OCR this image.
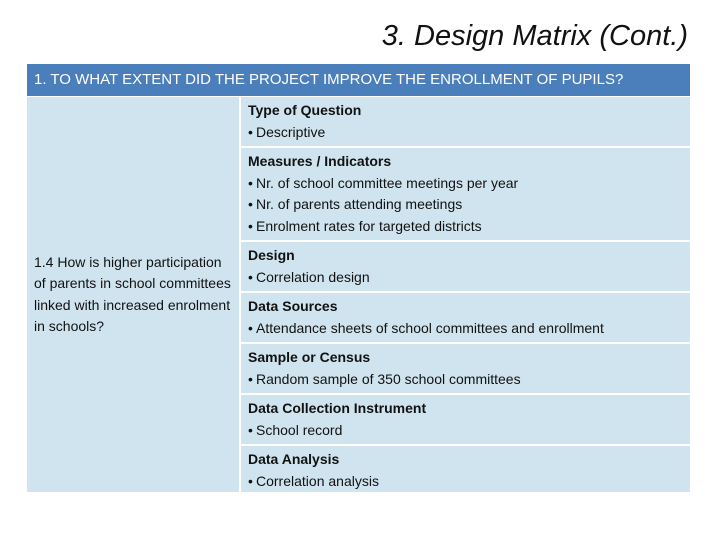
3. Design Matrix (Cont.)
1. TO WHAT EXTENT DID THE PROJECT IMPROVE THE ENROLLMENT OF PUPILS?
1.4 How is higher participation of parents in school committees linked with increased enrolment in schools?
Type of Question
• Descriptive
Measures / Indicators
• Nr. of school committee meetings per year
• Nr. of parents attending meetings
• Enrolment rates for targeted districts
Design
• Correlation design
Data Sources
• Attendance sheets of school committees and enrollment
Sample or Census
• Random sample of 350 school committees
Data Collection Instrument
• School record
Data Analysis
• Correlation analysis
